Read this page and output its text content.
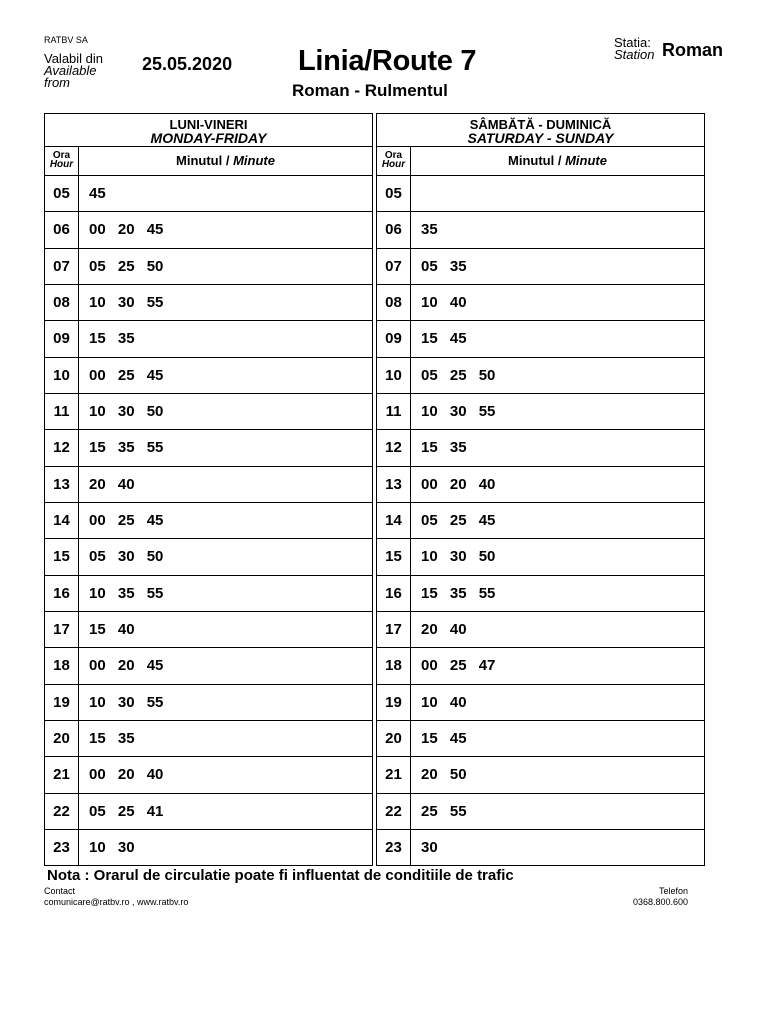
RATBV SA
Valabil din
Available
from
25.05.2020 Linia/Route 7
Roman - Rulmentul
Statia:
Station Roman
LUNI-VINERI
MONDAY-FRIDAY
Ora
Hour	Minutul / Minute
05	45
06	00 20 45
07	05 25 50
08	10 30 55
09	15 35
10	00 25 45
11	10 30 50
12	15 35 55
13	20 40
14	00 25 45
15	05 30 50
16	10 35 55
17	15 40
18	00 20 45
19	10 30 55
20	15 35
21	00 20 40
22	05 25 41
23	10 30
SÂMBĂTĂ - DUMINICĂ
SATURDAY - SUNDAY
Ora
Hour	Minutul / Minute
05
06	35
07	05 35
08	10 40
09	15 45
10	05 25 50
11	10 30 55
12	15 35
13	00 20 40
14	05 25 45
15	10 30 50
16	15 35 55
17	20 40
18	00 25 47
19	10 40
20	15 45
21	20 50
22	25 55
23	30
Nota : Orarul de circulatie poate fi influentat de conditiile de trafic
Contact
comunicare@ratbv.ro , www.ratbv.ro
Telefon
0368.800.600
